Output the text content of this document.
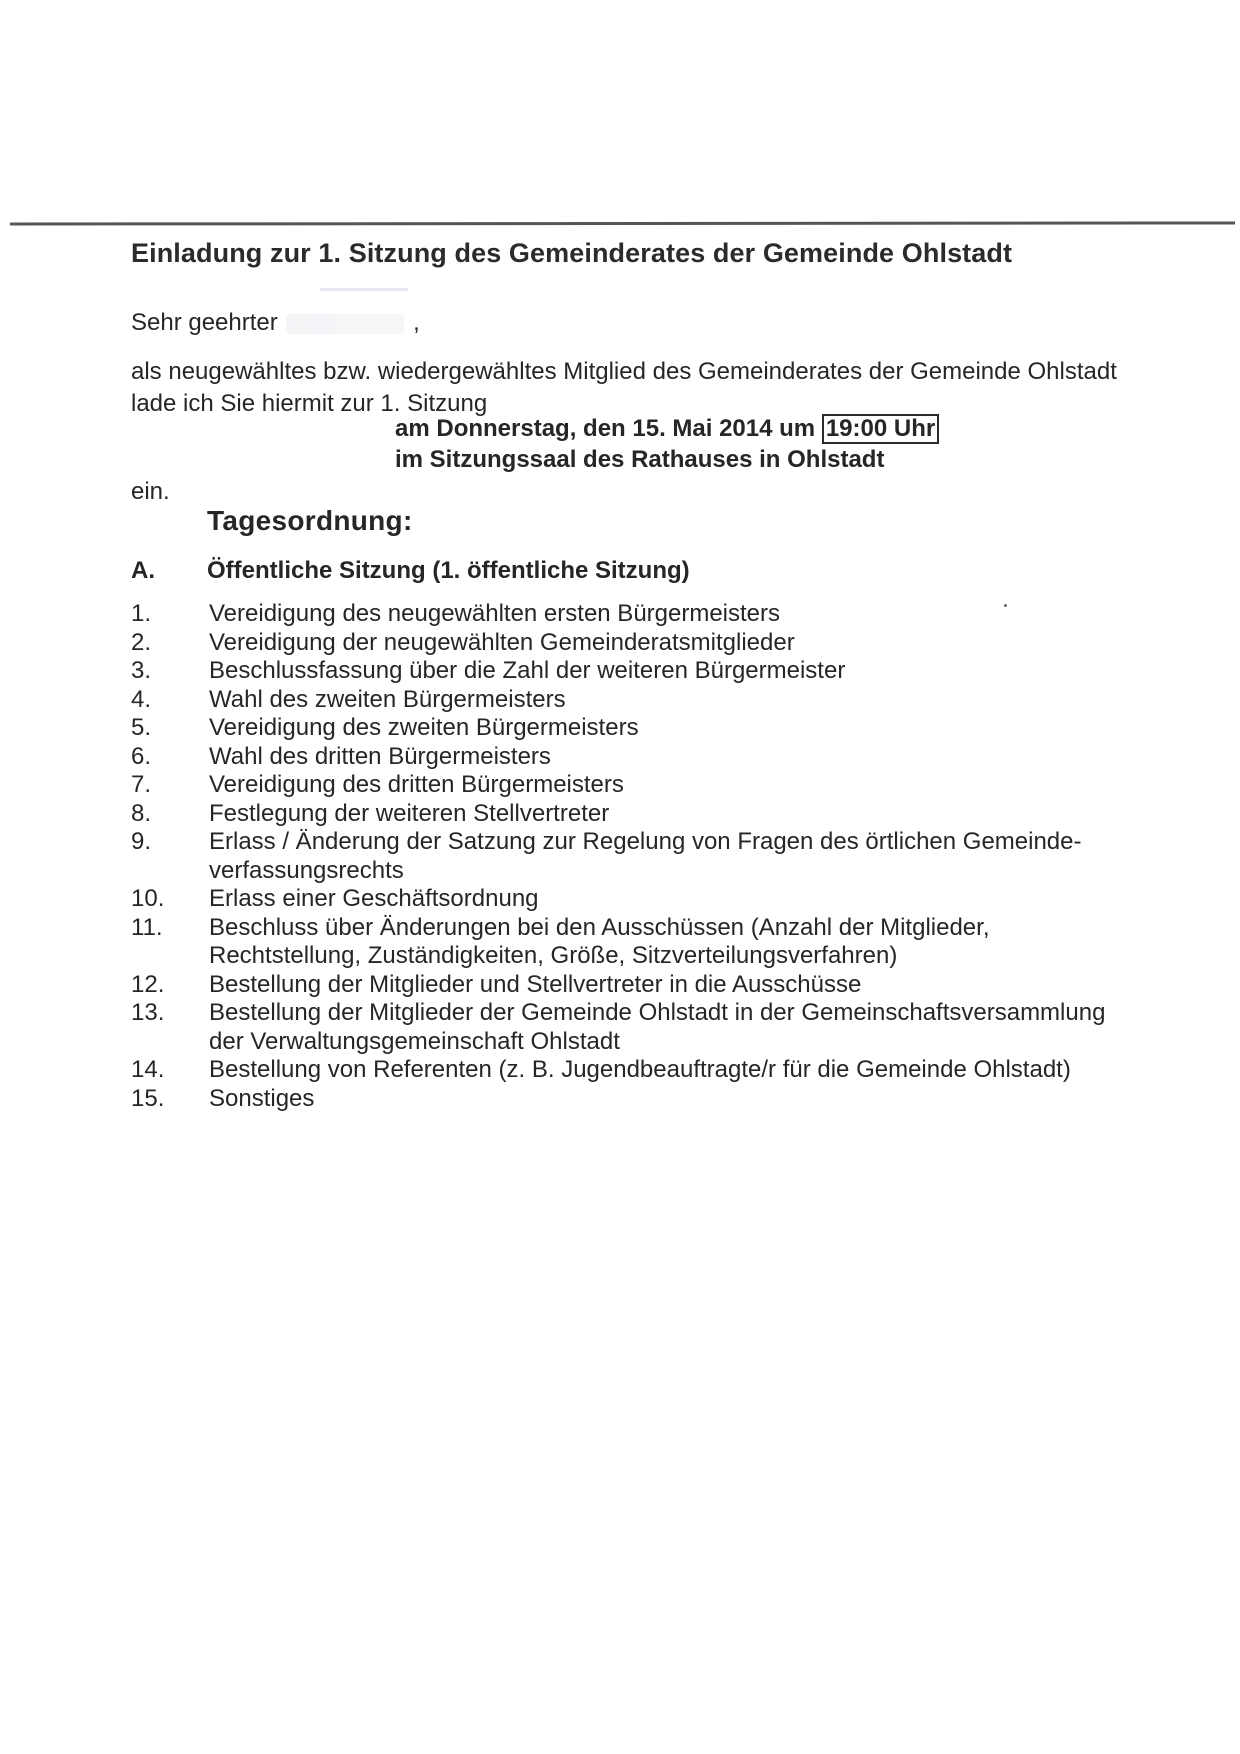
Einladung zur 1. Sitzung des Gemeinderates der Gemeinde Ohlstadt
Sehr geehrter	,
als neugewähltes bzw. wiedergewähltes Mitglied des Gemeinderates der Gemeinde Ohlstadt
lade ich Sie hiermit zur 1. Sitzung
am Donnerstag, den 15. Mai 2014 um 19:00 Uhr
im Sitzungssaal des Rathauses in Ohlstadt
ein.
Tagesordnung:
A. Öffentliche Sitzung (1. öffentliche Sitzung)
1.	Vereidigung des neugewählten ersten Bürgermeisters
2.	Vereidigung der neugewählten Gemeinderatsmitglieder
3.	Beschlussfassung über die Zahl der weiteren Bürgermeister
4.	Wahl des zweiten Bürgermeisters
5.	Vereidigung des zweiten Bürgermeisters
6.	Wahl des dritten Bürgermeisters
7.	Vereidigung des dritten Bürgermeisters
8.	Festlegung der weiteren Stellvertreter
9.	Erlass / Änderung der Satzung zur Regelung von Fragen des örtlichen Gemeinde-
verfassungsrechts
10.	Erlass einer Geschäftsordnung
11.	Beschluss über Änderungen bei den Ausschüssen (Anzahl der Mitglieder,
Rechtstellung, Zuständigkeiten, Größe, Sitzverteilungsverfahren)
12.	Bestellung der Mitglieder und Stellvertreter in die Ausschüsse
13.	Bestellung der Mitglieder der Gemeinde Ohlstadt in der Gemeinschaftsversammlung
der Verwaltungsgemeinschaft Ohlstadt
14.	Bestellung von Referenten (z. B. Jugendbeauftragte/r für die Gemeinde Ohlstadt)
15.	Sonstiges
